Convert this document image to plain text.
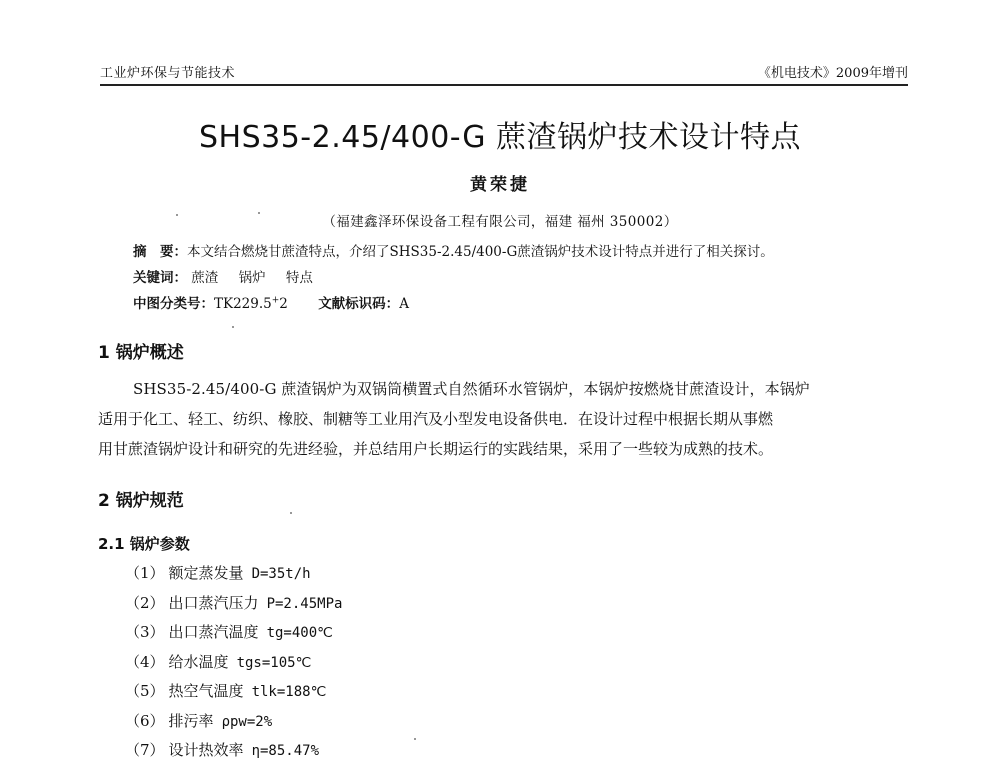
工业炉环保与节能技术	《机电技术》2009年增刊
SHS35-2.45/400-G 蔗渣锅炉技术设计特点
黄荣捷
（福建鑫泽环保设备工程有限公司，福建 福州 350002）
摘　要：本文结合燃烧甘蔗渣特点，介绍了SHS35-2.45/400-G蔗渣锅炉技术设计特点并进行了相关探讨。
关键词： 蔗渣 锅炉 特点
中图分类号：TK229.5+2 文献标识码：A
1 锅炉概述
SHS35-2.45/400-G 蔗渣锅炉为双锅筒横置式自然循环水管锅炉，本锅炉按燃烧甘蔗渣设计，本锅炉
适用于化工、轻工、纺织、橡胶、制糖等工业用汽及小型发电设备供电．在设计过程中根据长期从事燃
用甘蔗渣锅炉设计和研究的先进经验，并总结用户长期运行的实践结果，采用了一些较为成熟的技术。
2 锅炉规范
2.1 锅炉参数
（1） 额定蒸发量 D=35t/h
（2） 出口蒸汽压力 P=2.45MPa
（3） 出口蒸汽温度 tg=400℃
（4） 给水温度 tgs=105℃
（5） 热空气温度 tlk=188℃
（6） 排污率 ρpw=2%
（7） 设计热效率 η=85.47%
